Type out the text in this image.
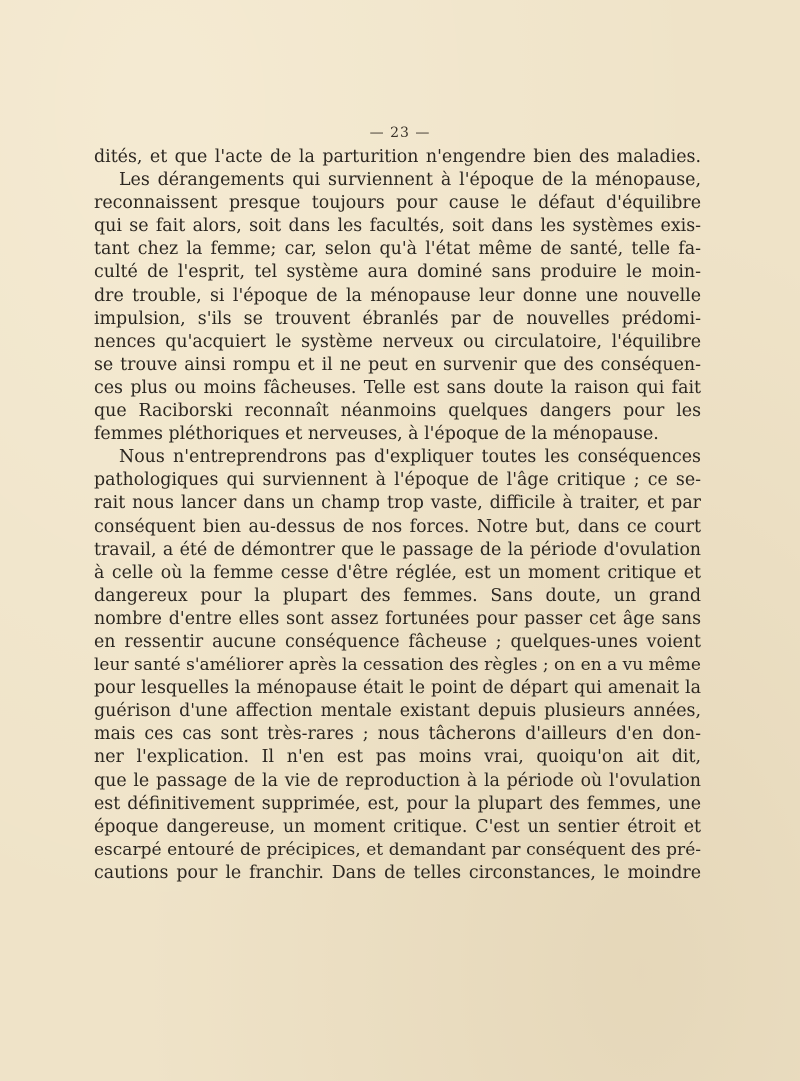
— 23 —
dités, et que l'acte de la parturition n'engendre bien des maladies.
Les dérangements qui surviennent à l'époque de la ménopause,
reconnaissent presque toujours pour cause le défaut d'équilibre
qui se fait alors, soit dans les facultés, soit dans les systèmes exis-
tant chez la femme; car, selon qu'à l'état même de santé, telle fa-
culté de l'esprit, tel système aura dominé sans produire le moin-
dre trouble, si l'époque de la ménopause leur donne une nouvelle
impulsion, s'ils se trouvent ébranlés par de nouvelles prédomi-
nences qu'acquiert le système nerveux ou circulatoire, l'équilibre
se trouve ainsi rompu et il ne peut en survenir que des conséquen-
ces plus ou moins fâcheuses. Telle est sans doute la raison qui fait
que Raciborski reconnaît néanmoins quelques dangers pour les
femmes pléthoriques et nerveuses, à l'époque de la ménopause.
Nous n'entreprendrons pas d'expliquer toutes les conséquences
pathologiques qui surviennent à l'époque de l'âge critique ; ce se-
rait nous lancer dans un champ trop vaste, difficile à traiter, et par
conséquent bien au-dessus de nos forces. Notre but, dans ce court
travail, a été de démontrer que le passage de la période d'ovulation
à celle où la femme cesse d'être réglée, est un moment critique et
dangereux pour la plupart des femmes. Sans doute, un grand
nombre d'entre elles sont assez fortunées pour passer cet âge sans
en ressentir aucune conséquence fâcheuse ; quelques-unes voient
leur santé s'améliorer après la cessation des règles ; on en a vu même
pour lesquelles la ménopause était le point de départ qui amenait la
guérison d'une affection mentale existant depuis plusieurs années,
mais ces cas sont très-rares ; nous tâcherons d'ailleurs d'en don-
ner l'explication. Il n'en est pas moins vrai, quoiqu'on ait dit,
que le passage de la vie de reproduction à la période où l'ovulation
est définitivement supprimée, est, pour la plupart des femmes, une
époque dangereuse, un moment critique. C'est un sentier étroit et
escarpé entouré de précipices, et demandant par conséquent des pré-
cautions pour le franchir. Dans de telles circonstances, le moindre
